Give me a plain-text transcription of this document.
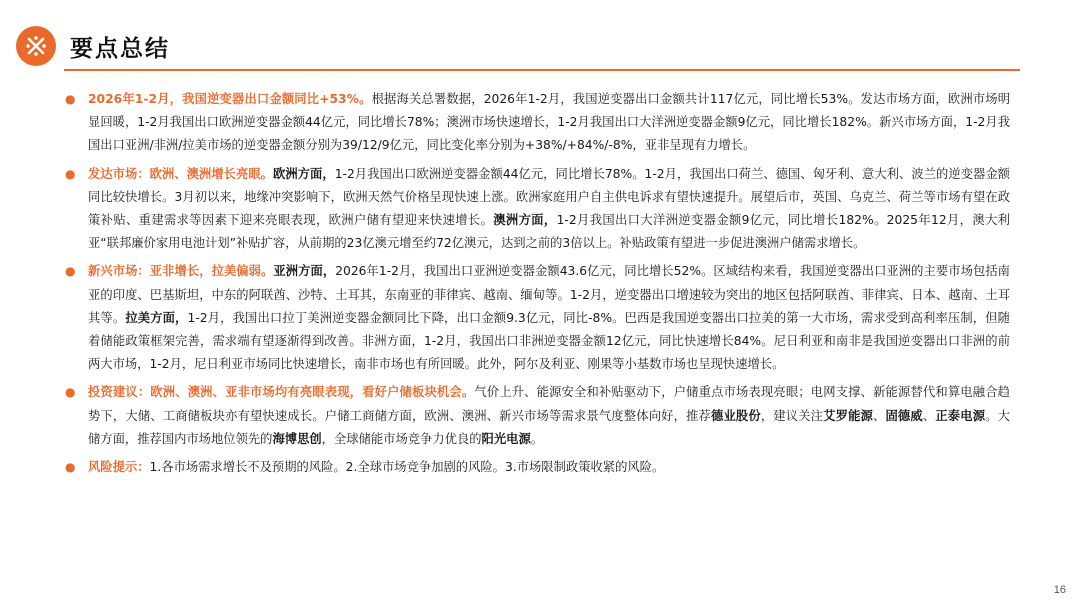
要点总结
● 2026年1-2月，我国逆变器出口金额同比+53%。根据海关总署数据，2026年1-2月，我国逆变器出口金额共计117亿元，同比增长53%。发达市场方面，欧洲市场明显回暖，1-2月我国出口欧洲逆变器金额44亿元，同比增长78%；澳洲市场快速增长，1-2月我国出口大洋洲逆变器金额9亿元，同比增长182%。新兴市场方面，1-2月我国出口亚洲/非洲/拉美市场的逆变器金额分别为39/12/9亿元，同比变化率分别为+38%/+84%/-8%，亚非呈现有力增长。
● 发达市场：欧洲、澳洲增长亮眼。欧洲方面，1-2月我国出口欧洲逆变器金额44亿元，同比增长78%。1-2月，我国出口荷兰、德国、匈牙利、意大利、波兰的逆变器金额同比较快增长。3月初以来，地缘冲突影响下，欧洲天然气价格呈现快速上涨。欧洲家庭用户自主供电诉求有望快速提升。展望后市，英国、乌克兰、荷兰等市场有望在政策补贴、重建需求等因素下迎来亮眼表现，欧洲户储有望迎来快速增长。澳洲方面，1-2月我国出口大洋洲逆变器金额9亿元，同比增长182%。2025年12月，澳大利亚“联邦廉价家用电池计划”补贴扩容，从前期的23亿澳元增至约72亿澳元，达到之前的3倍以上。补贴政策有望进一步促进澳洲户储需求增长。
● 新兴市场：亚非增长，拉美偏弱。亚洲方面，2026年1-2月，我国出口亚洲逆变器金额43.6亿元，同比增长52%。区域结构来看，我国逆变器出口亚洲的主要市场包括南亚的印度、巴基斯坦，中东的阿联酋、沙特、土耳其，东南亚的菲律宾、越南、缅甸等。1-2月，逆变器出口增速较为突出的地区包括阿联酋、菲律宾、日本、越南、土耳其等。拉美方面，1-2月，我国出口拉丁美洲逆变器金额同比下降，出口金额9.3亿元，同比-8%。巴西是我国逆变器出口拉美的第一大市场，需求受到高利率压制，但随着储能政策框架完善，需求端有望逐渐得到改善。非洲方面，1-2月，我国出口非洲逆变器金额12亿元，同比快速增长84%。尼日利亚和南非是我国逆变器出口非洲的前两大市场，1-2月，尼日利亚市场同比快速增长，南非市场也有所回暖。此外，阿尔及利亚、刚果等小基数市场也呈现快速增长。
● 投资建议：欧洲、澳洲、亚非市场均有亮眼表现，看好户储板块机会。气价上升、能源安全和补贴驱动下，户储重点市场表现亮眼；电网支撑、新能源替代和算电融合趋势下，大储、工商储板块亦有望快速成长。户储工商储方面，欧洲、澳洲、新兴市场等需求景气度整体向好，推荐德业股份，建议关注艾罗能源、固德威、正泰电源。大储方面，推荐国内市场地位领先的海博思创，全球储能市场竞争力优良的阳光电源。
● 风险提示：1.各市场需求增长不及预期的风险。2.全球市场竞争加剧的风险。3.市场限制政策收紧的风险。
16
